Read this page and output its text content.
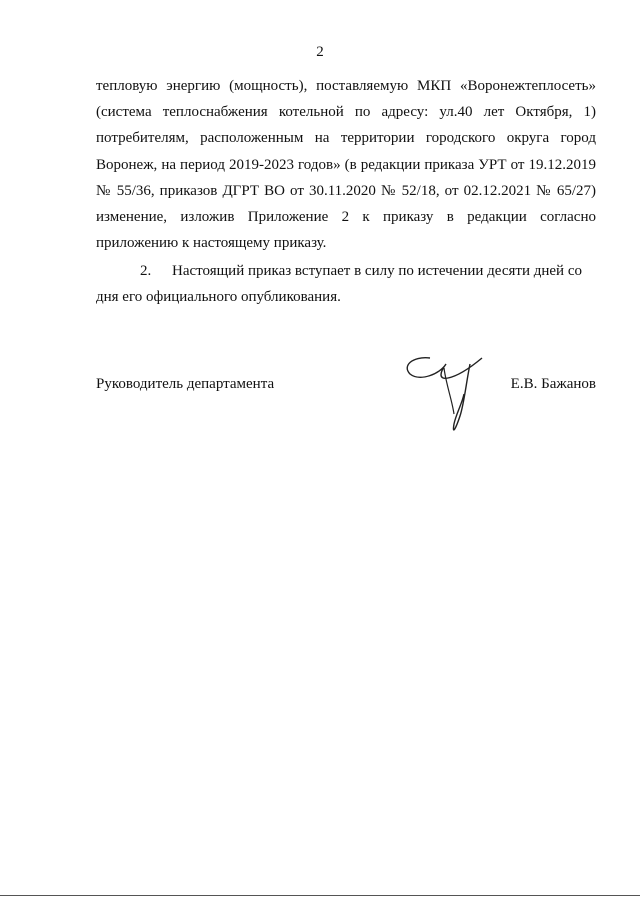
2
тепловую энергию (мощность), поставляемую МКП «Воронежтеплосеть»
(система теплоснабжения котельной по адресу: ул.40 лет Октября, 1)
потребителям, расположенным на территории городского округа город
Воронеж, на период 2019-2023 годов» (в редакции приказа УРТ от 19.12.2019
№ 55/36, приказов ДГРТ ВО от 30.11.2020 № 52/18, от 02.12.2021 № 65/27)
изменение, изложив Приложение 2 к приказу в редакции согласно
приложению к настоящему приказу.
2. Настоящий приказ вступает в силу по истечении десяти дней со
дня его официального опубликования.
Руководитель департамента	Е.В. Бажанов
